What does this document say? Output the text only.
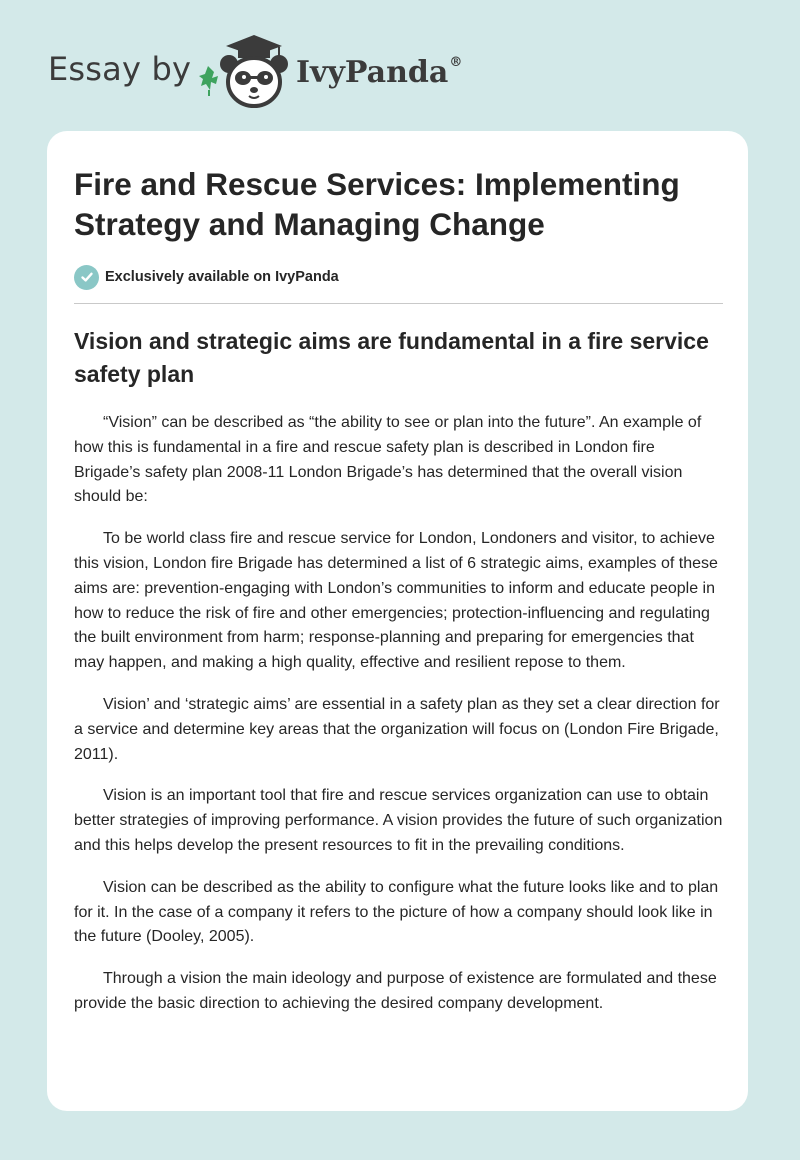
Essay by	IvyPanda®
Fire and Rescue Services: Implementing Strategy and Managing Change
Exclusively available on IvyPanda
Vision and strategic aims are fundamental in a fire service safety plan

“Vision” can be described as “the ability to see or plan into the future”. An example of how this is fundamental in a fire and rescue safety plan is described in London fire Brigade’s safety plan 2008-11 London Brigade’s has determined that the overall vision should be:

To be world class fire and rescue service for London, Londoners and visitor, to achieve this vision, London fire Brigade has determined a list of 6 strategic aims, examples of these aims are: prevention-engaging with London’s communities to inform and educate people in how to reduce the risk of fire and other emergencies; protection-influencing and regulating the built environment from harm; response-planning and preparing for emergencies that may happen, and making a high quality, effective and resilient repose to them.

Vision’ and ‘strategic aims’ are essential in a safety plan as they set a clear direction for a service and determine key areas that the organization will focus on (London Fire Brigade, 2011).

Vision is an important tool that fire and rescue services organization can use to obtain better strategies of improving performance. A vision provides the future of such organization and this helps develop the present resources to fit in the prevailing conditions.

Vision can be described as the ability to configure what the future looks like and to plan for it. In the case of a company it refers to the picture of how a company should look like in the future (Dooley, 2005).

Through a vision the main ideology and purpose of existence are formulated and these provide the basic direction to achieving the desired company development.
